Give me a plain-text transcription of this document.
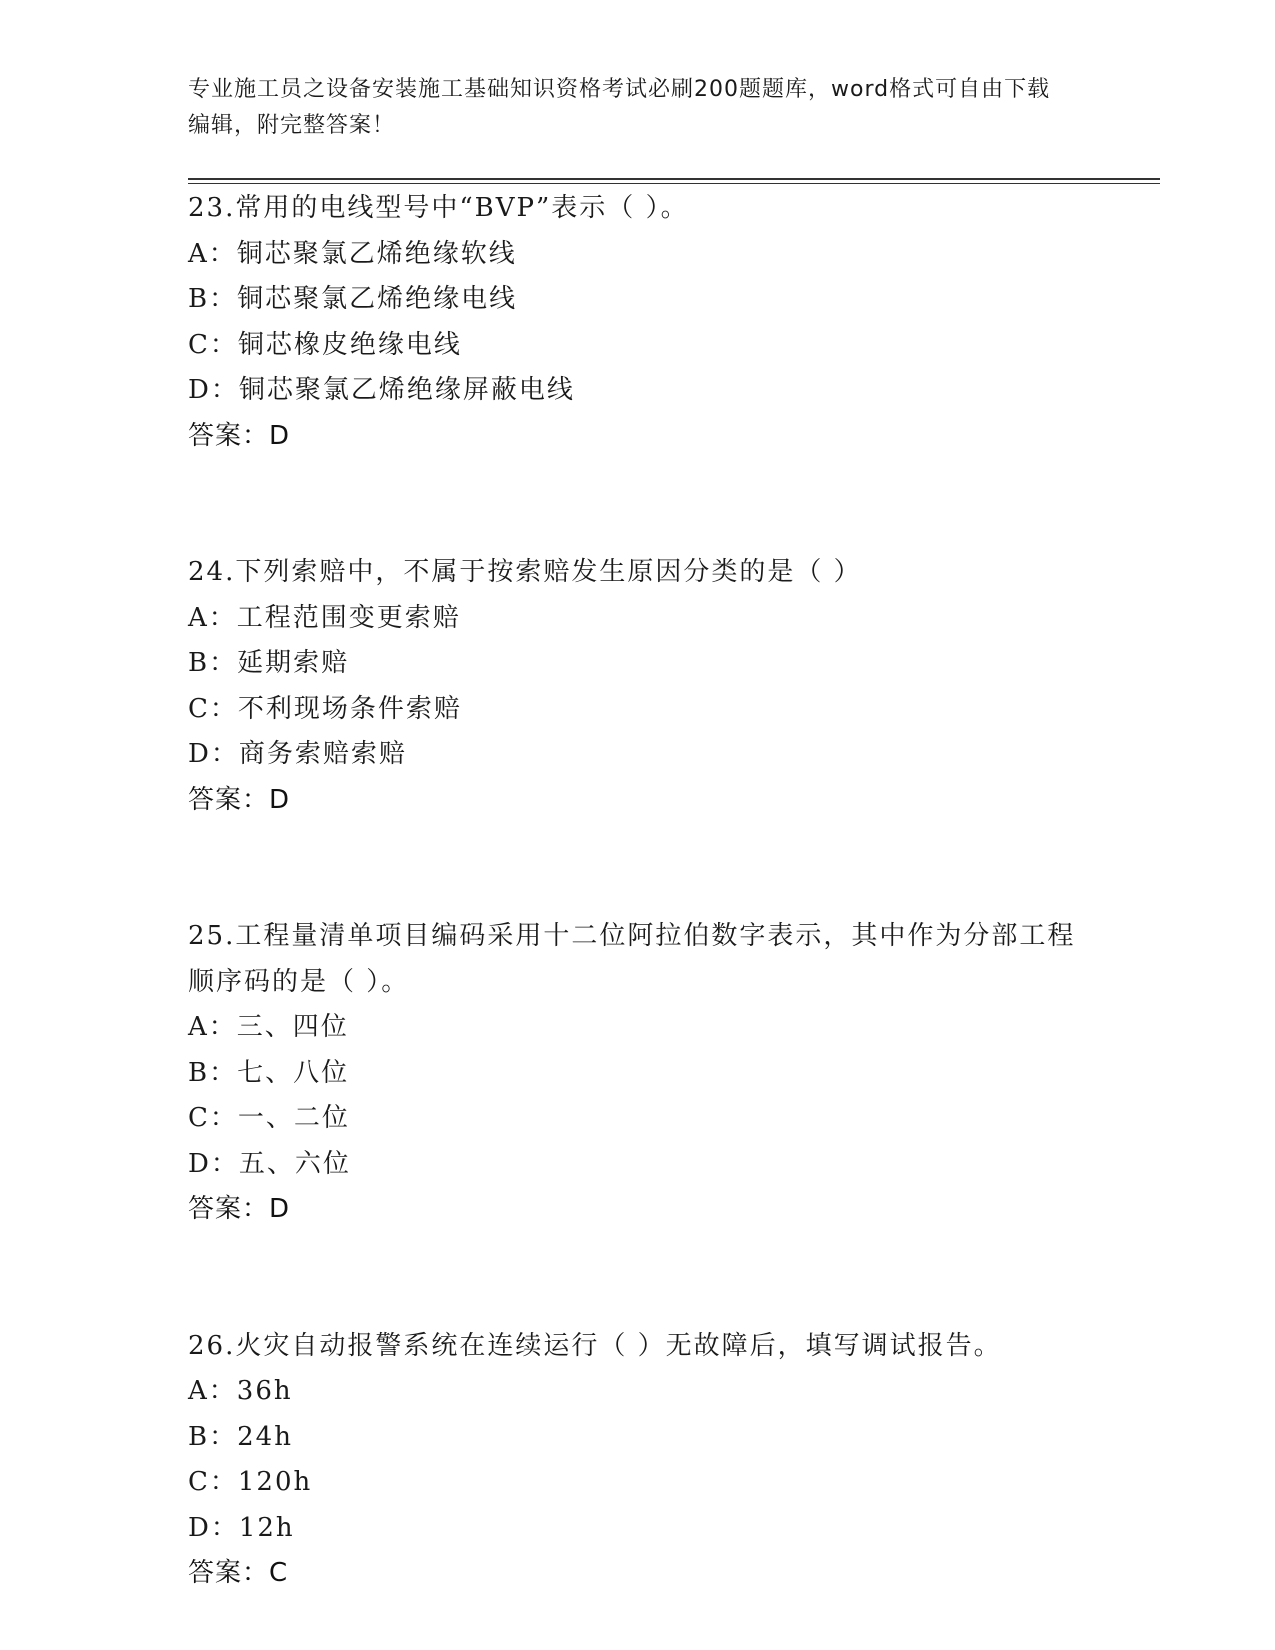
专业施工员之设备安装施工基础知识资格考试必刷200题题库，word格式可自由下载编辑，附完整答案！

23.常用的电线型号中“BVP”表示（ ）。

A：铜芯聚氯乙烯绝缘软线

B：铜芯聚氯乙烯绝缘电线

C：铜芯橡皮绝缘电线

D：铜芯聚氯乙烯绝缘屏蔽电线

答案：D

24.下列索赔中，不属于按索赔发生原因分类的是（ ）

A：工程范围变更索赔

B：延期索赔

C：不利现场条件索赔

D：商务索赔索赔

答案：D

25.工程量清单项目编码采用十二位阿拉伯数字表示，其中作为分部工程顺序码的是（ ）。

A：三、四位

B：七、八位

C：一、二位

D：五、六位

答案：D

26.火灾自动报警系统在连续运行（ ）无故障后，填写调试报告。

A：36h

B：24h

C：120h

D：12h

答案：C
